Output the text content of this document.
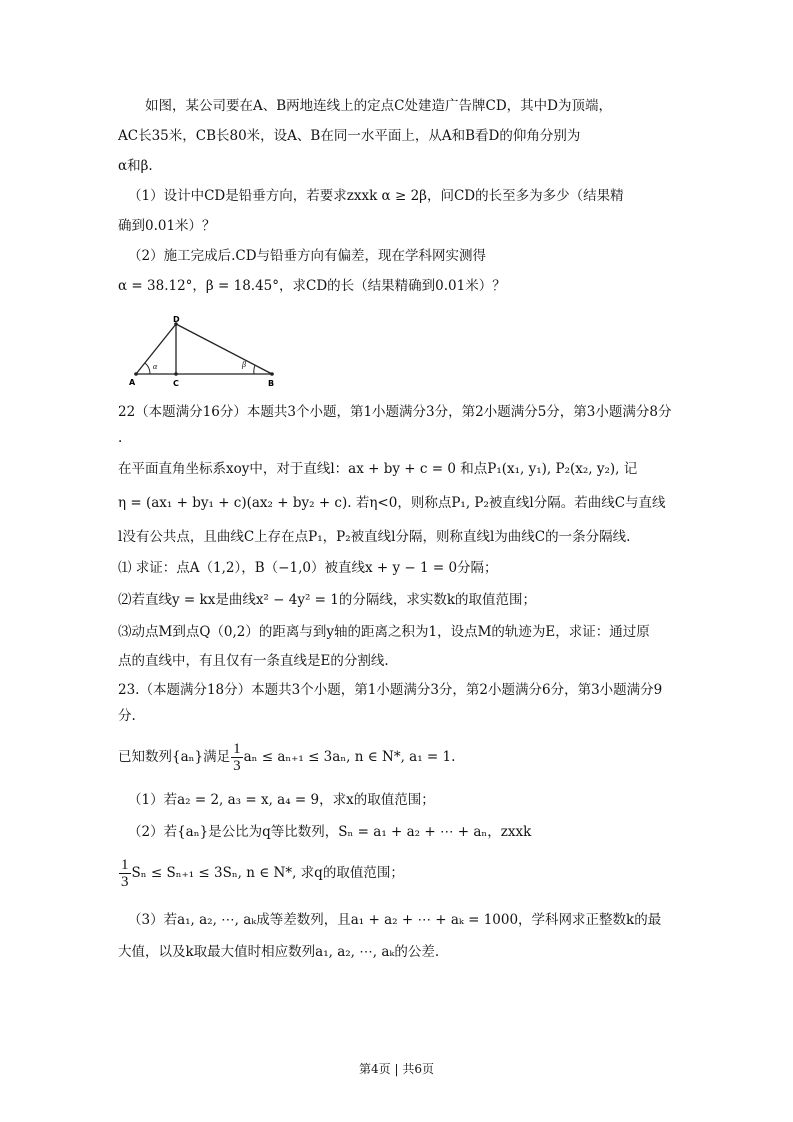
如图，某公司要在A、B两地连线上的定点C处建造广告牌CD，其中D为顶端，
AC长35米，CB长80米，设A、B在同一水平面上，从A和B看D的仰角分别为
α和β.
（1）设计中CD是铅垂方向，若要求zxxk α ≥ 2β，问CD的长至多为多少（结果精
确到0.01米）？
（2）施工完成后.CD与铅垂方向有偏差，现在学科网实测得
α = 38.12°，β = 18.45°，求CD的长（结果精确到0.01米）？
D
A	C	B
α	β
22（本题满分16分）本题共3个小题，第1小题满分3分，第2小题满分5分，第3小题满分8分
.
在平面直角坐标系xoy中，对于直线l：ax + by + c = 0 和点P₁(x₁, y₁), P₂(x₂, y₂), 记
η = (ax₁ + by₁ + c)(ax₂ + by₂ + c). 若η<0，则称点P₁, P₂被直线l分隔。若曲线C与直线
l没有公共点，且曲线C上存在点P₁，P₂被直线l分隔，则称直线l为曲线C的一条分隔线.
⑴ 求证：点A（1,2），B（−1,0）被直线x + y − 1 = 0分隔；
⑵若直线y = kx是曲线x² − 4y² = 1的分隔线，求实数k的取值范围；
⑶动点M到点Q（0,2）的距离与到y轴的距离之积为1，设点M的轨迹为E，求证：通过原
点的直线中，有且仅有一条直线是E的分割线.
23.（本题满分18分）本题共3个小题，第1小题满分3分，第2小题满分6分，第3小题满分9
分.
已知数列{aₙ}满足 $\frac{1}{3}$ aₙ ≤ aₙ₊₁ ≤ 3aₙ, n ∈ N*, a₁ = 1.
（1）若a₂ = 2, a₃ = x, a₄ = 9，求x的取值范围；
（2）若{aₙ}是公比为q等比数列，Sₙ = a₁ + a₂ + ⋯ + aₙ，zxxk
$\frac{1}{3}$ Sₙ ≤ Sₙ₊₁ ≤ 3Sₙ, n ∈ N*, 求q的取值范围；
（3）若a₁, a₂, ⋯, aₖ成等差数列，且a₁ + a₂ + ⋯ + aₖ = 1000，学科网求正整数k的最
大值，以及k取最大值时相应数列a₁, a₂, ⋯, aₖ的公差.
第4页 | 共6页
